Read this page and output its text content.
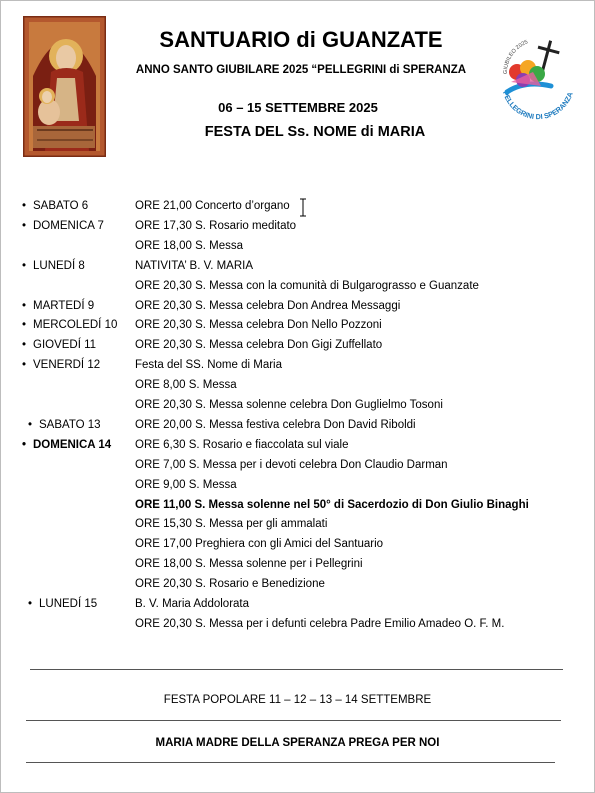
GIUBILEO 2025
PELLEGRINI DI SPERANZA
SANTUARIO di GUANZATE
ANNO SANTO GIUBILARE 2025 “PELLEGRINI di SPERANZA
06 – 15 SETTEMBRE 2025
FESTA DEL Ss. NOME di MARIA
• SABATO 6	ORE 21,00 Concerto d’organo
• DOMENICA 7	ORE 17,30 S. Rosario meditato
ORE 18,00 S. Messa
• LUNEDÍ 8	NATIVITA’ B. V. MARIA
ORE 20,30 S. Messa con la comunità di Bulgarograsso e Guanzate
• MARTEDÍ 9	ORE 20,30 S. Messa celebra Don Andrea Messaggi
• MERCOLEDÍ 10 ORE 20,30 S. Messa celebra Don Nello Pozzoni
• GIOVEDÍ 11	ORE 20,30 S. Messa celebra Don Gigi Zuffellato
• VENERDÍ 12	Festa del SS. Nome di Maria
ORE 8,00 S. Messa
ORE 20,30 S. Messa solenne celebra Don Guglielmo Tosoni
• SABATO 13	ORE 20,00 S. Messa festiva celebra Don David Riboldi
• DOMENICA 14 ORE 6,30 S. Rosario e fiaccolata sul viale
ORE 7,00 S. Messa per i devoti celebra Don Claudio Darman
ORE 9,00 S. Messa
ORE 11,00 S. Messa solenne nel 50° di Sacerdozio di Don Giulio Binaghi
ORE 15,30 S. Messa per gli ammalati
ORE 17,00 Preghiera con gli Amici del Santuario
ORE 18,00 S. Messa solenne per i Pellegrini
ORE 20,30 S. Rosario e Benedizione
• LUNEDÍ 15	B. V. Maria Addolorata
ORE 20,30 S. Messa per i defunti celebra Padre Emilio Amadeo O. F. M.
FESTA POPOLARE 11 – 12 – 13 – 14 SETTEMBRE
MARIA MADRE DELLA SPERANZA PREGA PER NOI
